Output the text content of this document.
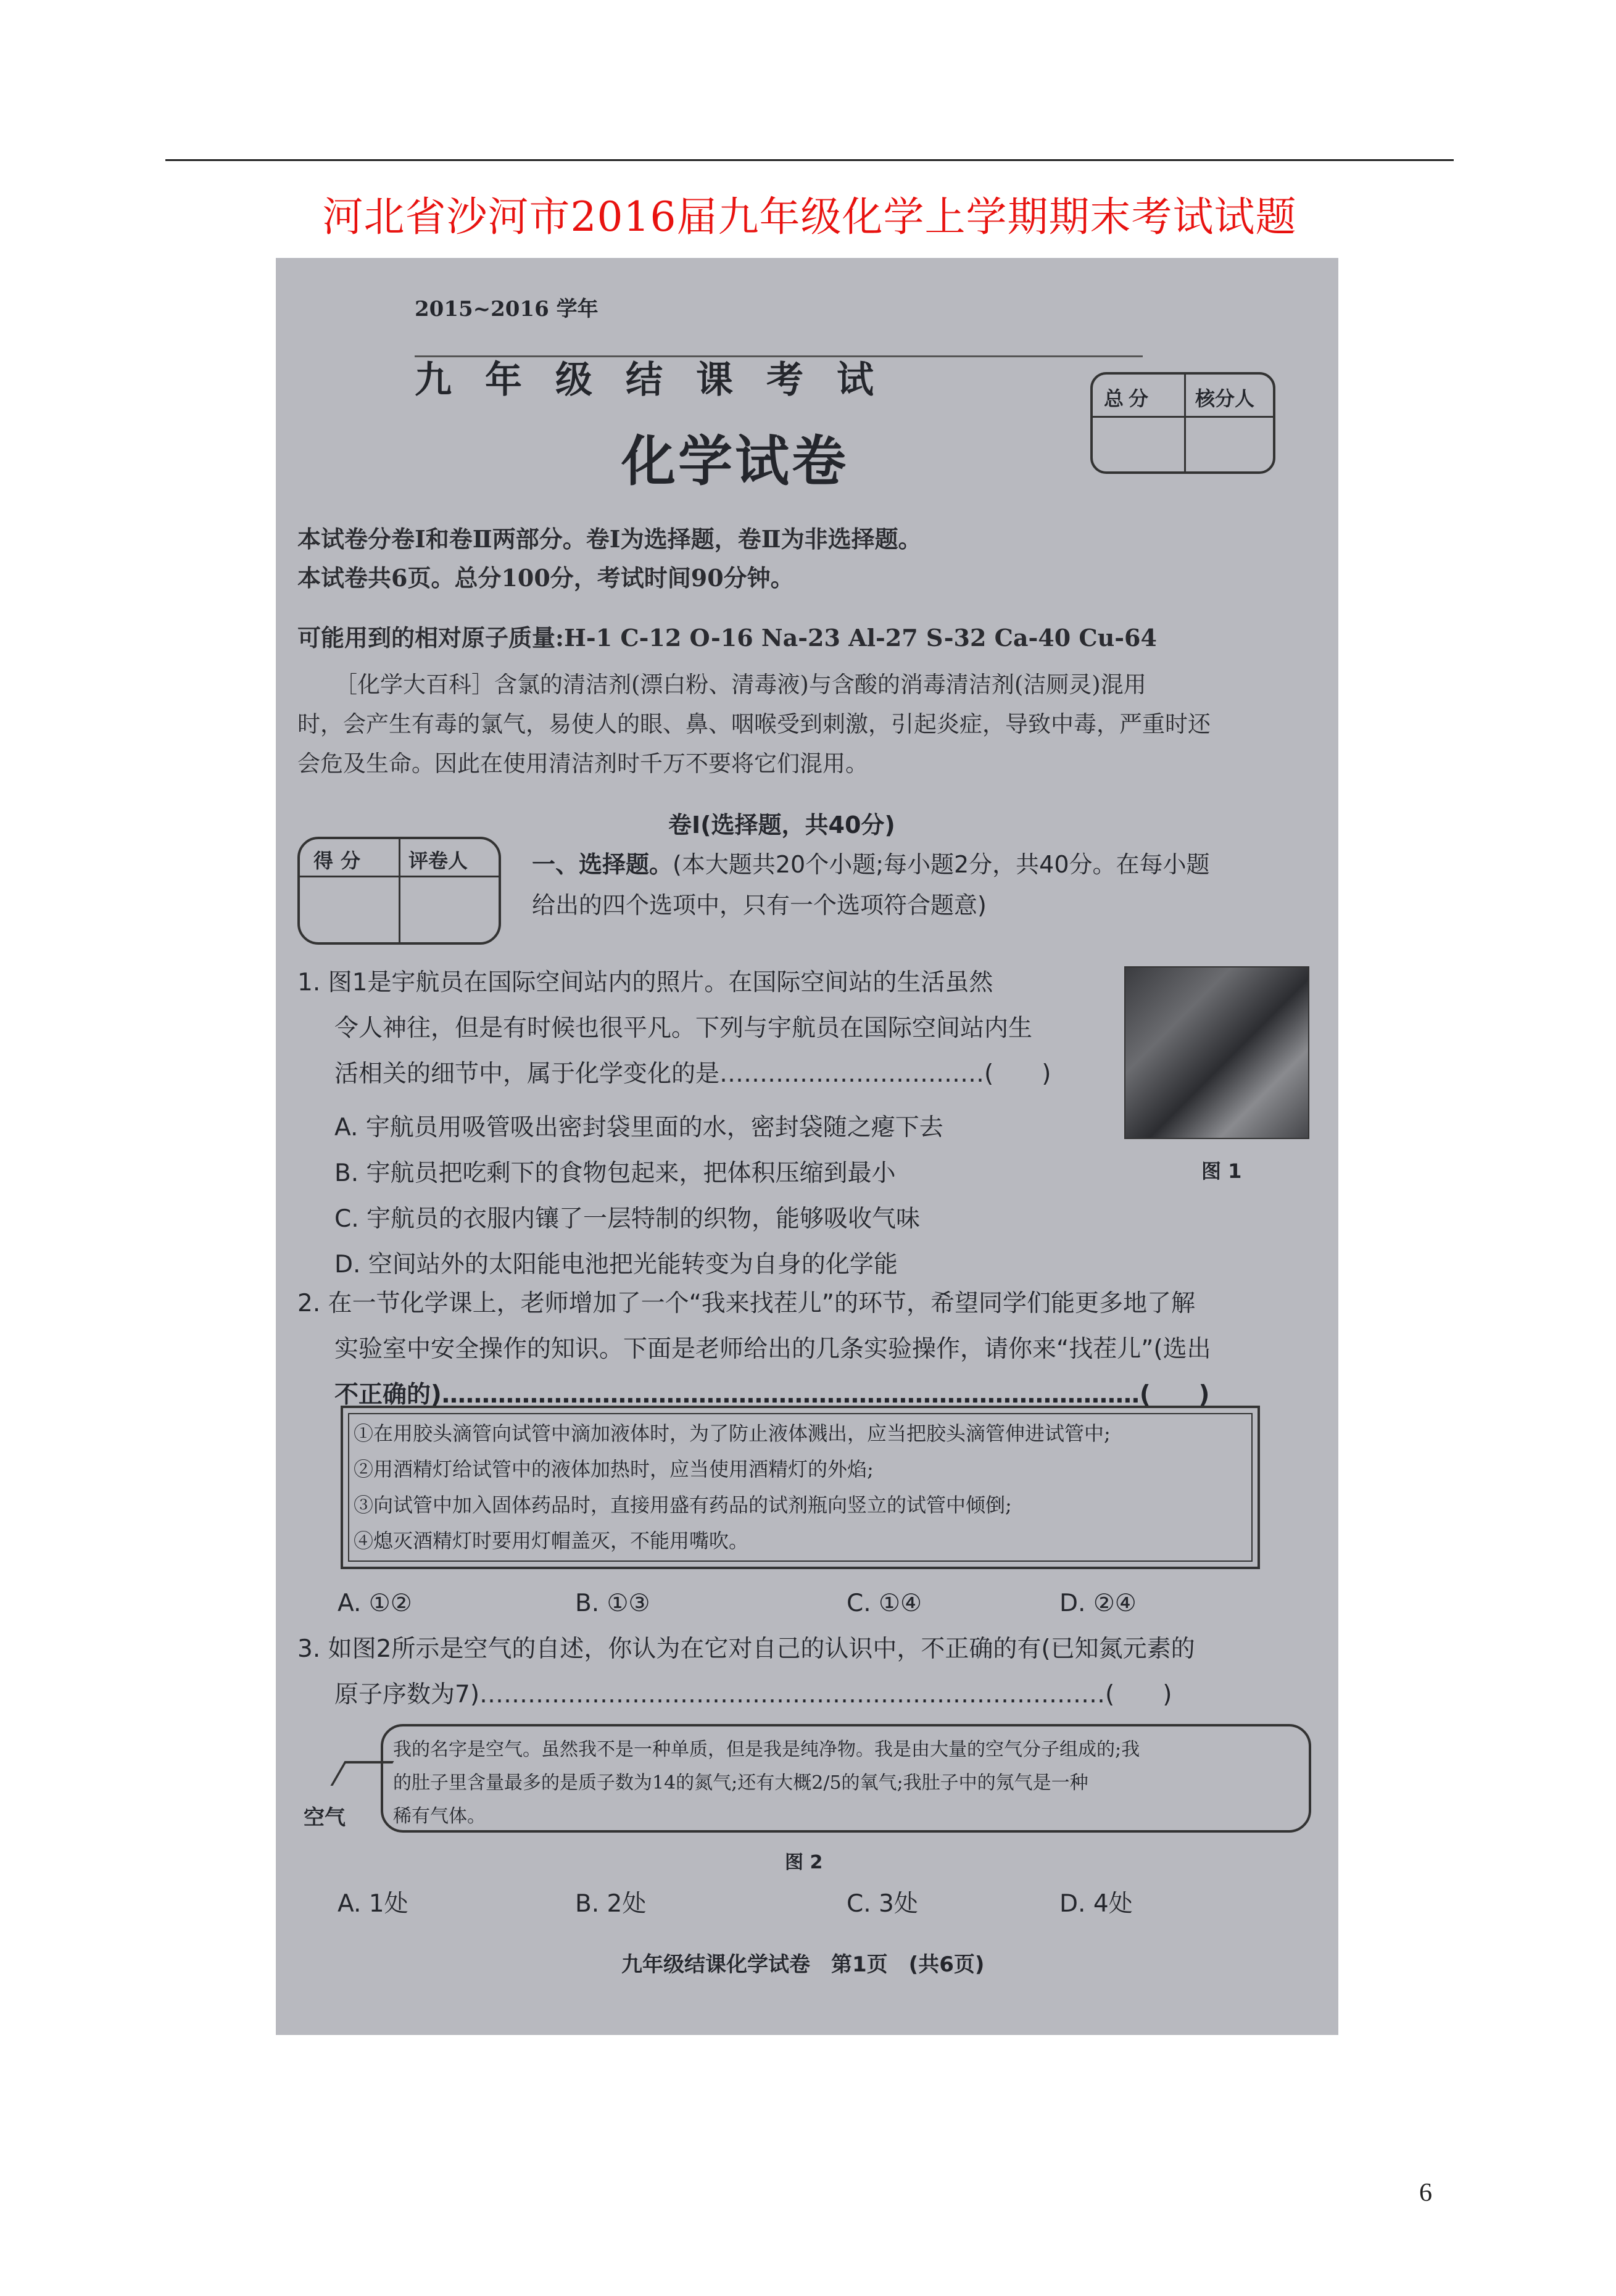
河北省沙河市2016届九年级化学上学期期末考试试题
2015~2016 学年
九年级结课考试
化学试卷
总分 核分人
本试卷分卷Ⅰ和卷Ⅱ两部分。卷Ⅰ为选择题，卷Ⅱ为非选择题。
本试卷共6页。总分100分，考试时间90分钟。
可能用到的相对原子质量:H-1 C-12 O-16 Na-23 Al-27 S-32 Ca-40 Cu-64
［化学大百科］含氯的清洁剂(漂白粉、清毒液)与含酸的消毒清洁剂(洁厕灵)混用
时，会产生有毒的氯气，易使人的眼、鼻、咽喉受到刺激，引起炎症，导致中毒，严重时还
会危及生命。因此在使用清洁剂时千万不要将它们混用。
卷Ⅰ(选择题，共40分)
得分 评卷人	一、选择题。(本大题共20个小题;每小题2分，共40分。在每小题
给出的四个选项中，只有一个选项符合题意)
1. 图1是宇航员在国际空间站内的照片。在国际空间站的生活虽然
令人神往，但是有时候也很平凡。下列与宇航员在国际空间站内生
活相关的细节中，属于化学变化的是……………………………(　　)
A. 宇航员用吸管吸出密封袋里面的水，密封袋随之瘪下去
B. 宇航员把吃剩下的食物包起来，把体积压缩到最小
C. 宇航员的衣服内镶了一层特制的织物，能够吸收气味
D. 空间站外的太阳能电池把光能转变为自身的化学能
图 1
2. 在一节化学课上，老师增加了一个“我来找茬儿”的环节，希望同学们能更多地了解
实验室中安全操作的知识。下面是老师给出的几条实验操作，请你来“找茬儿”(选出
不正确的)……………………………………………………………………………(　　)
①在用胶头滴管向试管中滴加液体时，为了防止液体溅出，应当把胶头滴管伸进试管中;
②用酒精灯给试管中的液体加热时，应当使用酒精灯的外焰;
③向试管中加入固体药品时，直接用盛有药品的试剂瓶向竖立的试管中倾倒;
④熄灭酒精灯时要用灯帽盖灭，不能用嘴吹。
A. ①②	B. ①③	C. ①④	D. ②④
3. 如图2所示是空气的自述，你认为在它对自己的认识中，不正确的有(已知氮元素的
原子序数为7)……………………………………………………………………(　　)
我的名字是空气。虽然我不是一种单质，但是我是纯净物。我是由大量的空气分子组成的;我
的肚子里含量最多的是质子数为14的氮气;还有大概2/5的氧气;我肚子中的氖气是一种
稀有气体。
空气
图 2
A. 1处	B. 2处	C. 3处	D. 4处
九年级结课化学试卷　第1页　(共6页)
6
